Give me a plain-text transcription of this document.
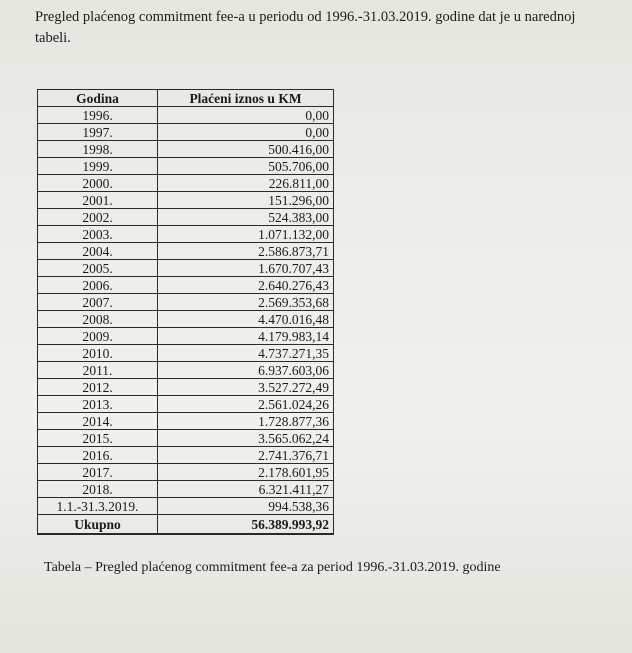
Pregled plaćenog commitment fee-a u periodu od 1996.-31.03.2019. godine dat je u narednoj tabeli.

Godina	Plaćeni iznos u KM
1996.	0,00
1997.	0,00
1998.	500.416,00
1999.	505.706,00
2000.	226.811,00
2001.	151.296,00
2002.	524.383,00
2003.	1.071.132,00
2004.	2.586.873,71
2005.	1.670.707,43
2006.	2.640.276,43
2007.	2.569.353,68
2008.	4.470.016,48
2009.	4.179.983,14
2010.	4.737.271,35
2011.	6.937.603,06
2012.	3.527.272,49
2013.	2.561.024,26
2014.	1.728.877,36
2015.	3.565.062,24
2016.	2.741.376,71
2017.	2.178.601,95
2018.	6.321.411,27
1.1.-31.3.2019.	994.538,36
Ukupno	56.389.993,92

Tabela – Pregled plaćenog commitment fee-a za period 1996.-31.03.2019. godine
